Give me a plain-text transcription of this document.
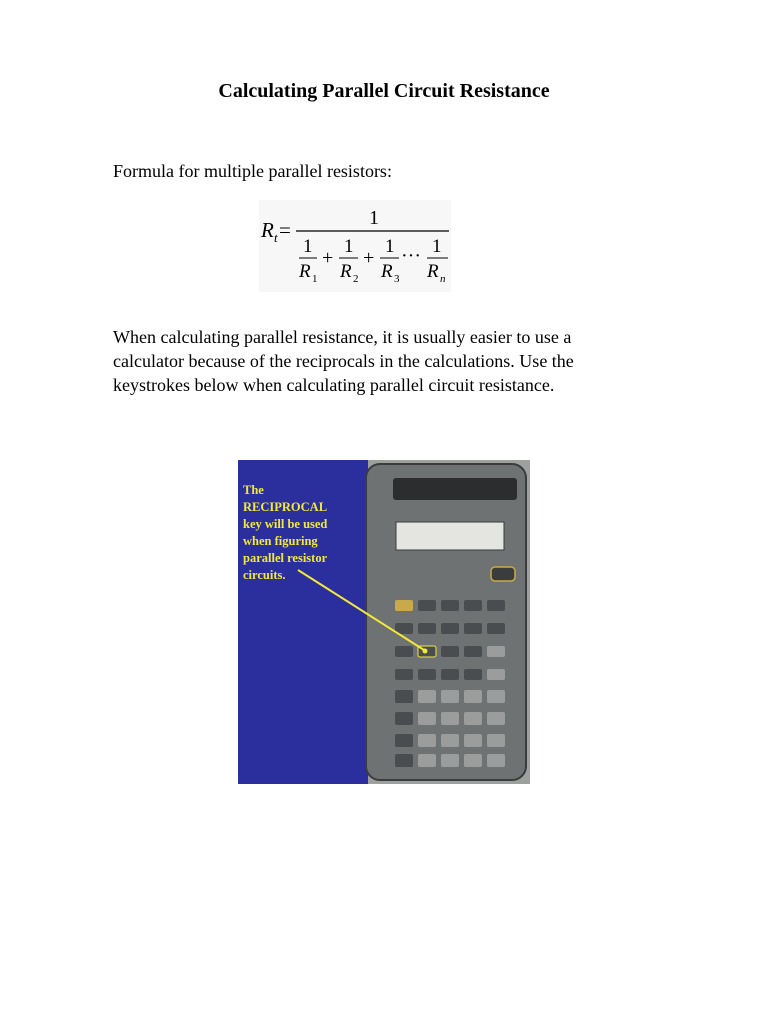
Calculating Parallel Circuit Resistance
Formula for multiple parallel resistors:
R t =	1
1
R 1
+
1
R 2
+
1
R 3
··· 1
R n
When calculating parallel resistance, it is usually easier to use a
calculator because of the reciprocals in the calculations. Use the
keystrokes below when calculating parallel circuit resistance.
The
RECIPROCAL
key will be used
when figuring
parallel resistor
circuits.
